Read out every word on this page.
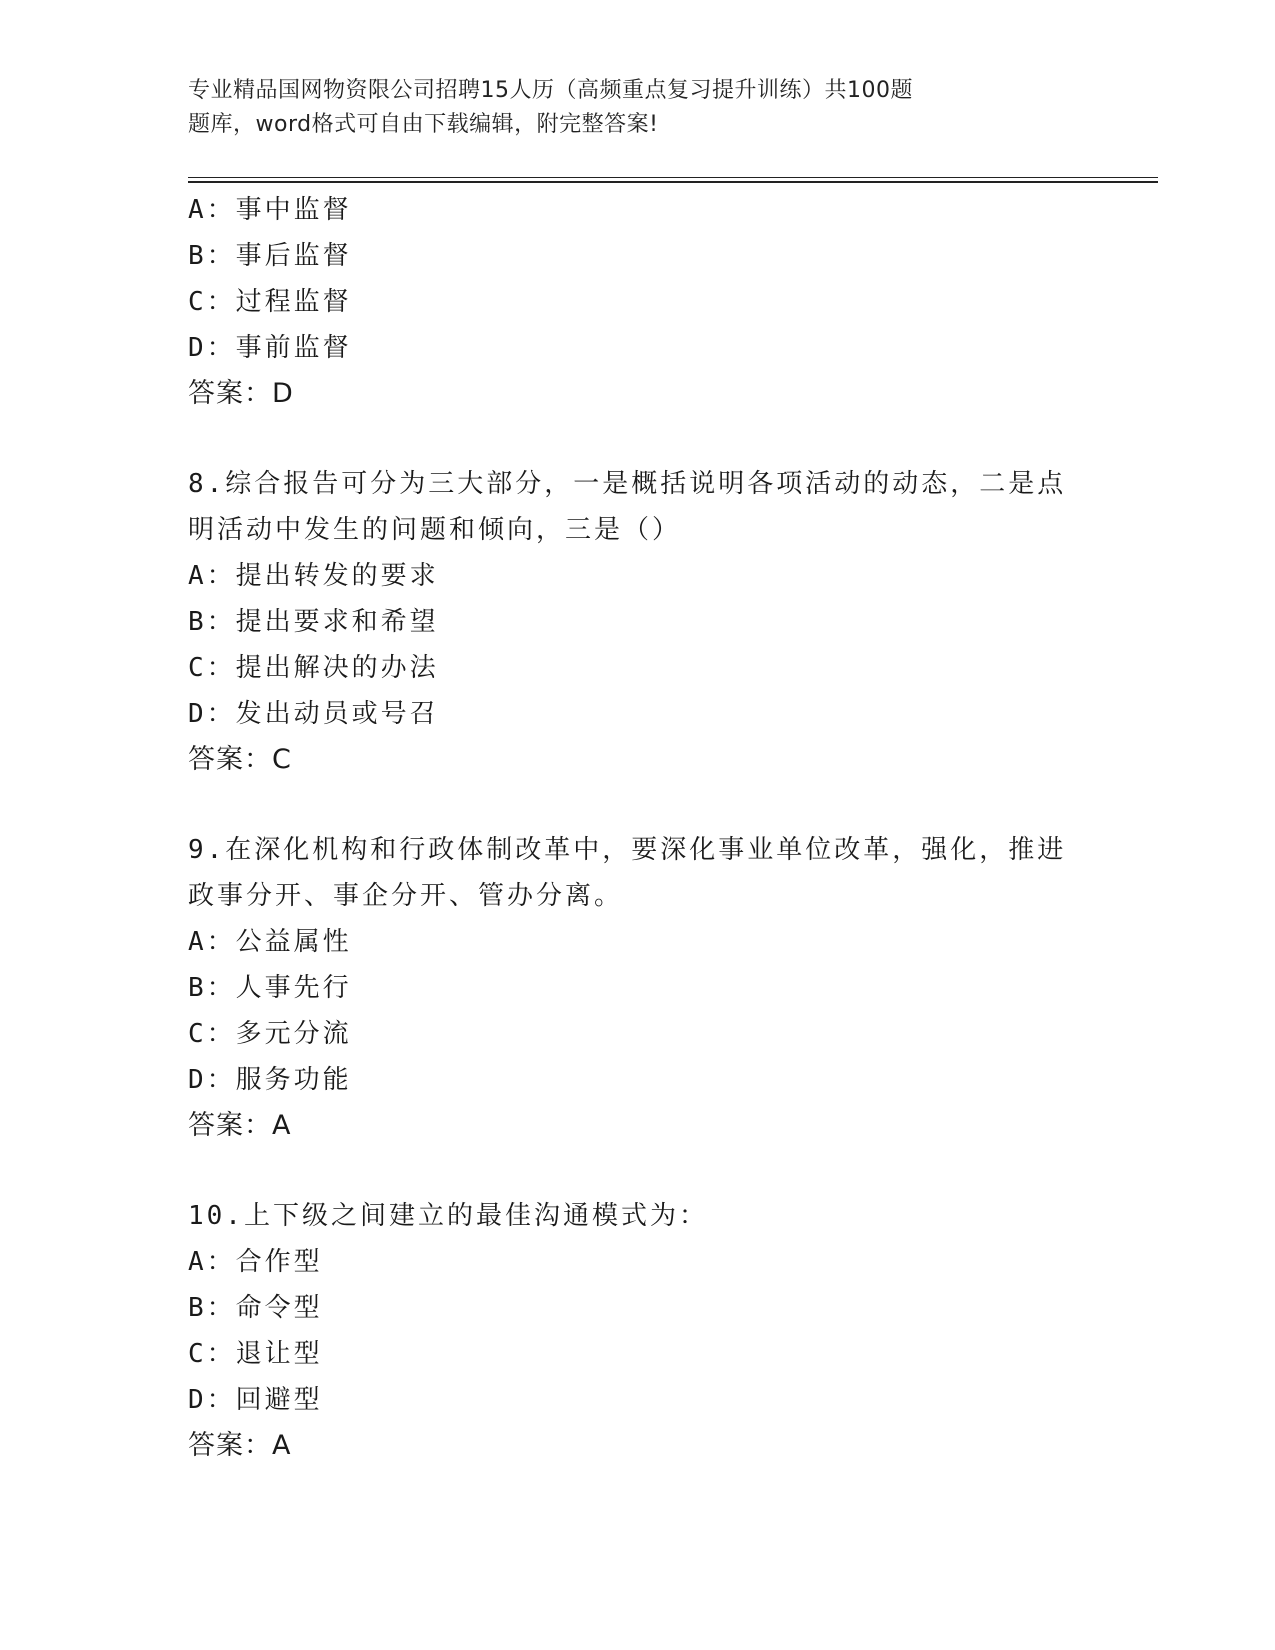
专业精品国网物资限公司招聘15人历（高频重点复习提升训练）共100题
题库，word格式可自由下载编辑，附完整答案!
A：事中监督
B：事后监督
C：过程监督
D：事前监督
答案：D
8.综合报告可分为三大部分，一是概括说明各项活动的动态，二是点明活动中发生的问题和倾向，三是（）
A：提出转发的要求
B：提出要求和希望
C：提出解决的办法
D：发出动员或号召
答案：C
9.在深化机构和行政体制改革中，要深化事业单位改革，强化，推进政事分开、事企分开、管办分离。
A：公益属性
B：人事先行
C：多元分流
D：服务功能
答案：A
10.上下级之间建立的最佳沟通模式为：
A：合作型
B：命令型
C：退让型
D：回避型
答案：A
